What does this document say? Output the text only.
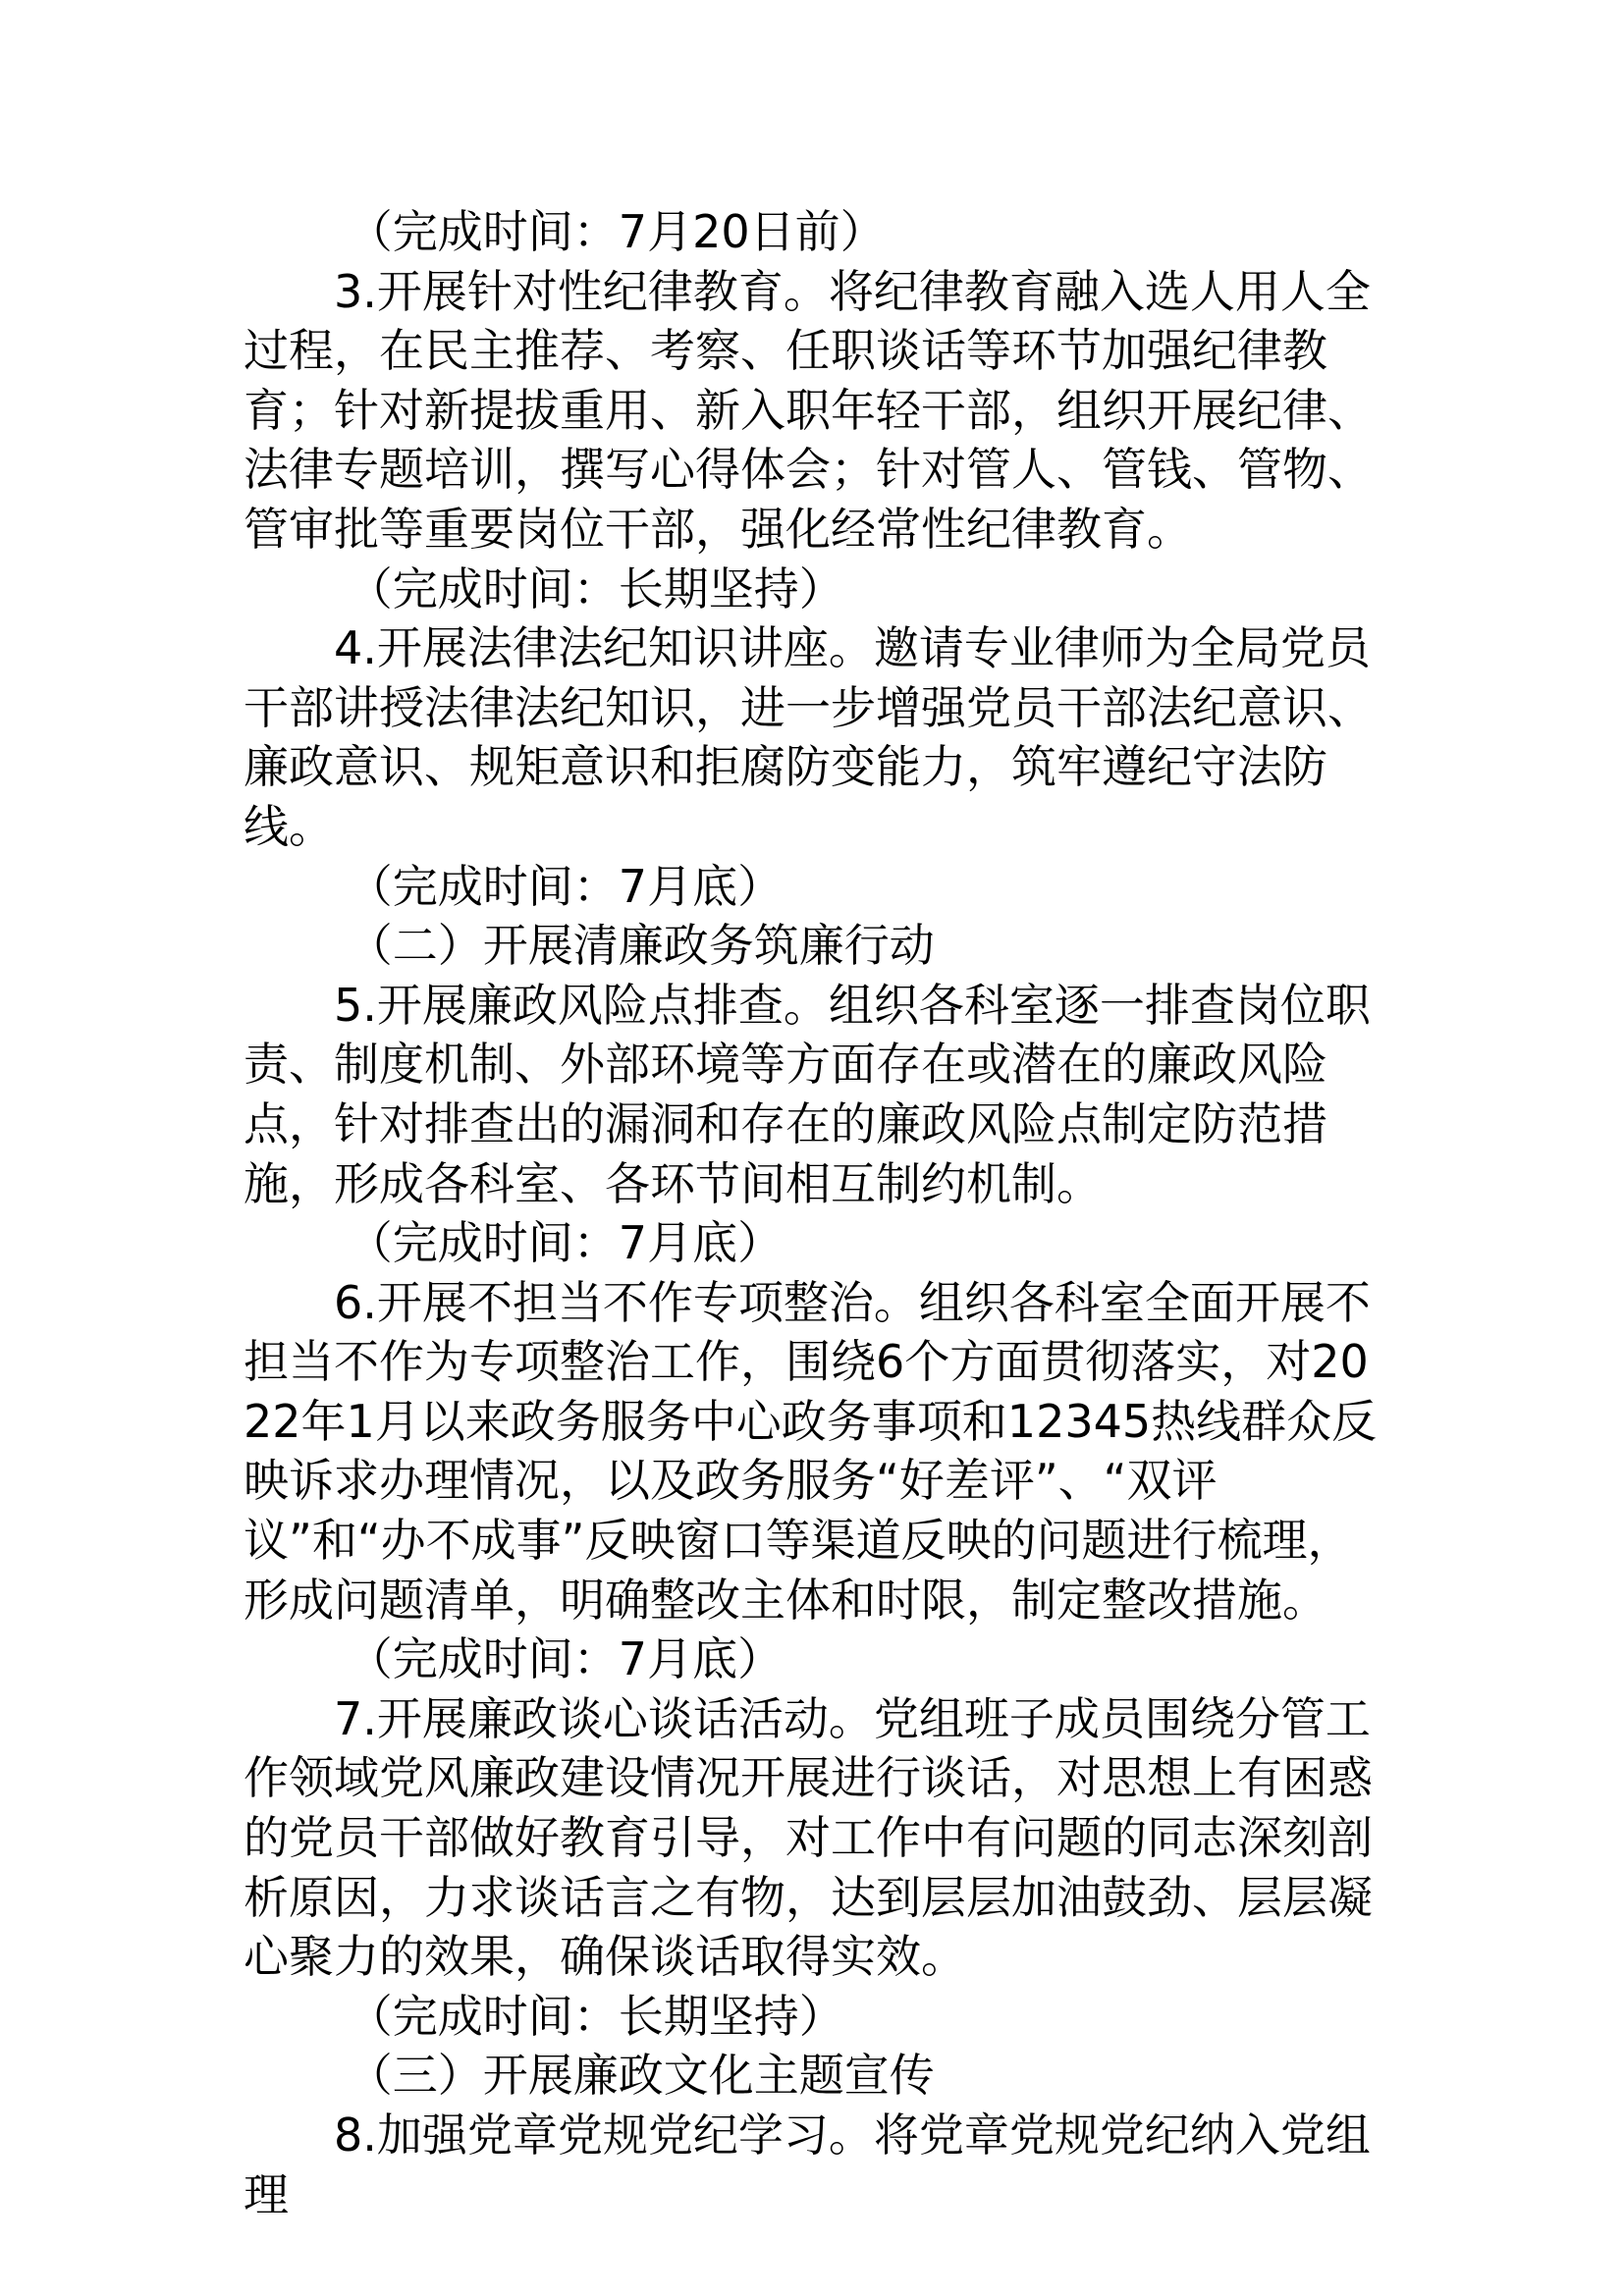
（完成时间：7月20日前）

3.开展针对性纪律教育。将纪律教育融入选人用人全过程，在民主推荐、考察、任职谈话等环节加强纪律教育；针对新提拔重用、新入职年轻干部，组织开展纪律、法律专题培训，撰写心得体会；针对管人、管钱、管物、管审批等重要岗位干部，强化经常性纪律教育。

（完成时间：长期坚持）

4.开展法律法纪知识讲座。邀请专业律师为全局党员干部讲授法律法纪知识，进一步增强党员干部法纪意识、廉政意识、规矩意识和拒腐防变能力，筑牢遵纪守法防线。

（完成时间：7月底）

（二）开展清廉政务筑廉行动

5.开展廉政风险点排查。组织各科室逐一排查岗位职责、制度机制、外部环境等方面存在或潜在的廉政风险点，针对排查出的漏洞和存在的廉政风险点制定防范措施，形成各科室、各环节间相互制约机制。

（完成时间：7月底）

6.开展不担当不作专项整治。组织各科室全面开展不担当不作为专项整治工作，围绕6个方面贯彻落实，对2022年1月以来政务服务中心政务事项和12345热线群众反映诉求办理情况，以及政务服务“好差评”、“双评议”和“办不成事”反映窗口等渠道反映的问题进行梳理，形成问题清单，明确整改主体和时限，制定整改措施。

（完成时间：7月底）

7.开展廉政谈心谈话活动。党组班子成员围绕分管工作领域党风廉政建设情况开展进行谈话，对思想上有困惑的党员干部做好教育引导，对工作中有问题的同志深刻剖析原因，力求谈话言之有物，达到层层加油鼓劲、层层凝心聚力的效果，确保谈话取得实效。

（完成时间：长期坚持）

（三）开展廉政文化主题宣传

8.加强党章党规党纪学习。将党章党规党纪纳入党组理
